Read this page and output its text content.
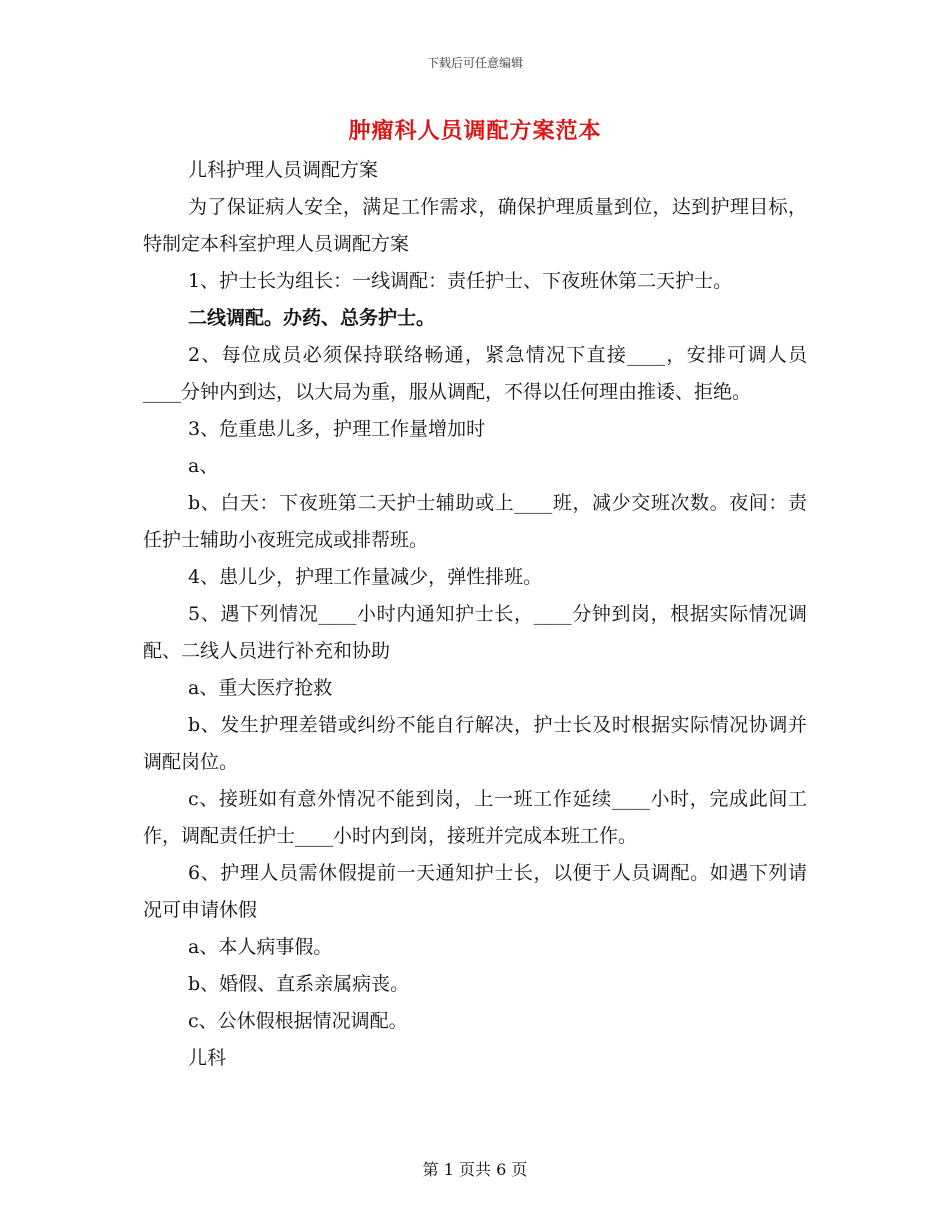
下载后可任意编辑
肿瘤科人员调配方案范本

儿科护理人员调配方案

为了保证病人安全，满足工作需求，确保护理质量到位，达到护理目标，特制定本科室护理人员调配方案

1、护士长为组长：一线调配：责任护士、下夜班休第二天护士。

二线调配。办药、总务护士。

2、每位成员必须保持联络畅通，紧急情况下直接____，安排可调人员____分钟内到达，以大局为重，服从调配，不得以任何理由推诿、拒绝。

3、危重患儿多，护理工作量增加时

a、

b、白天：下夜班第二天护士辅助或上____班，减少交班次数。夜间：责任护士辅助小夜班完成或排帮班。

4、患儿少，护理工作量减少，弹性排班。

5、遇下列情况____小时内通知护士长，____分钟到岗，根据实际情况调配、二线人员进行补充和协助

a、重大医疗抢救

b、发生护理差错或纠纷不能自行解决，护士长及时根据实际情况协调并调配岗位。

c、接班如有意外情况不能到岗，上一班工作延续____小时，完成此间工作，调配责任护士____小时内到岗，接班并完成本班工作。

6、护理人员需休假提前一天通知护士长，以便于人员调配。如遇下列请况可申请休假

a、本人病事假。

b、婚假、直系亲属病丧。

c、公休假根据情况调配。

儿科

第 1 页共 6 页
